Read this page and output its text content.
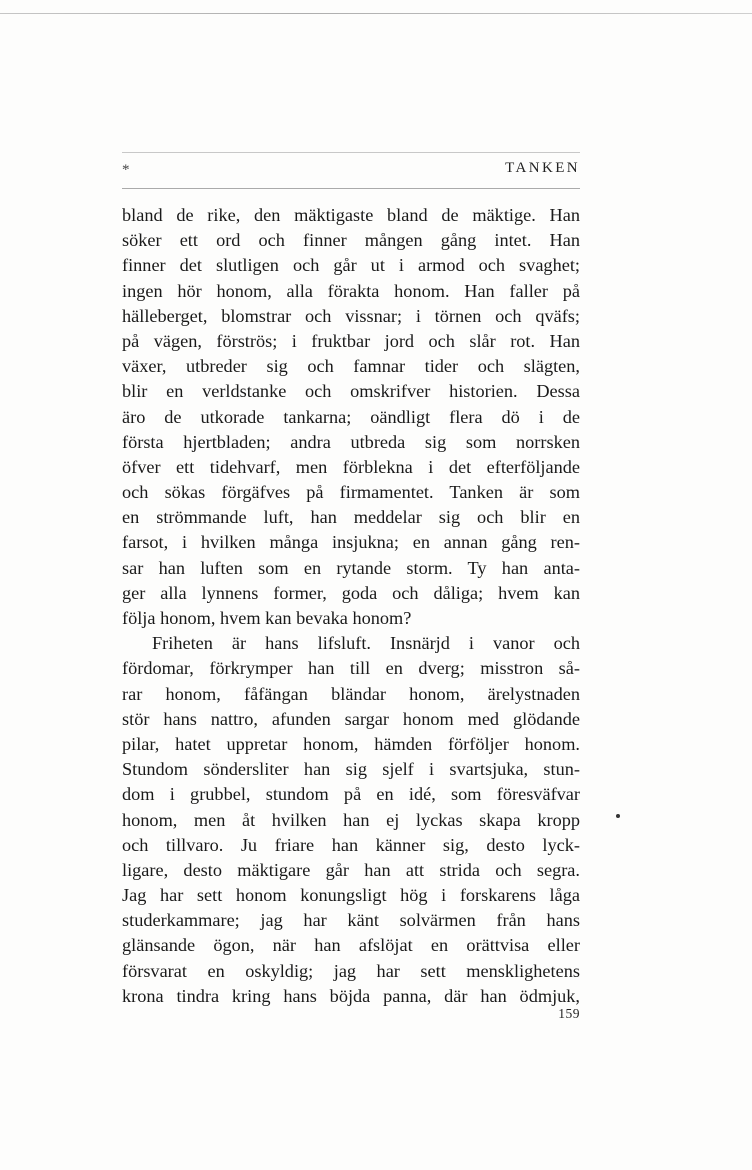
*	TANKEN
bland de rike, den mäktigaste bland de mäktige. Han
söker ett ord och finner mången gång intet. Han
finner det slutligen och går ut i armod och svaghet;
ingen hör honom, alla förakta honom. Han faller på
hälleberget, blomstrar och vissnar; i törnen och qväfs;
på vägen, förströs; i fruktbar jord och slår rot. Han
växer, utbreder sig och famnar tider och slägten,
blir en verldstanke och omskrifver historien. Dessa
äro de utkorade tankarna; oändligt flera dö i de
första hjertbladen; andra utbreda sig som norrsken
öfver ett tidehvarf, men förblekna i det efterföljande
och sökas förgäfves på firmamentet. Tanken är som
en strömmande luft, han meddelar sig och blir en
farsot, i hvilken många insjukna; en annan gång ren-
sar han luften som en rytande storm. Ty han anta-
ger alla lynnens former, goda och dåliga; hvem kan
följa honom, hvem kan bevaka honom?
Friheten är hans lifsluft. Insnärjd i vanor och
fördomar, förkrymper han till en dverg; misstron så-
rar honom, fåfängan bländar honom, ärelystnaden
stör hans nattro, afunden sargar honom med glödande
pilar, hatet uppretar honom, hämden förföljer honom.
Stundom söndersliter han sig sjelf i svartsjuka, stun-
dom i grubbel, stundom på en idé, som föresväfvar
honom, men åt hvilken han ej lyckas skapa kropp
och tillvaro. Ju friare han känner sig, desto lyck-
ligare, desto mäktigare går han att strida och segra.
Jag har sett honom konungsligt hög i forskarens låga
studerkammare; jag har känt solvärmen från hans
glänsande ögon, när han afslöjat en orättvisa eller
försvarat en oskyldig; jag har sett mensklighetens
krona tindra kring hans böjda panna, där han ödmjuk,
159
